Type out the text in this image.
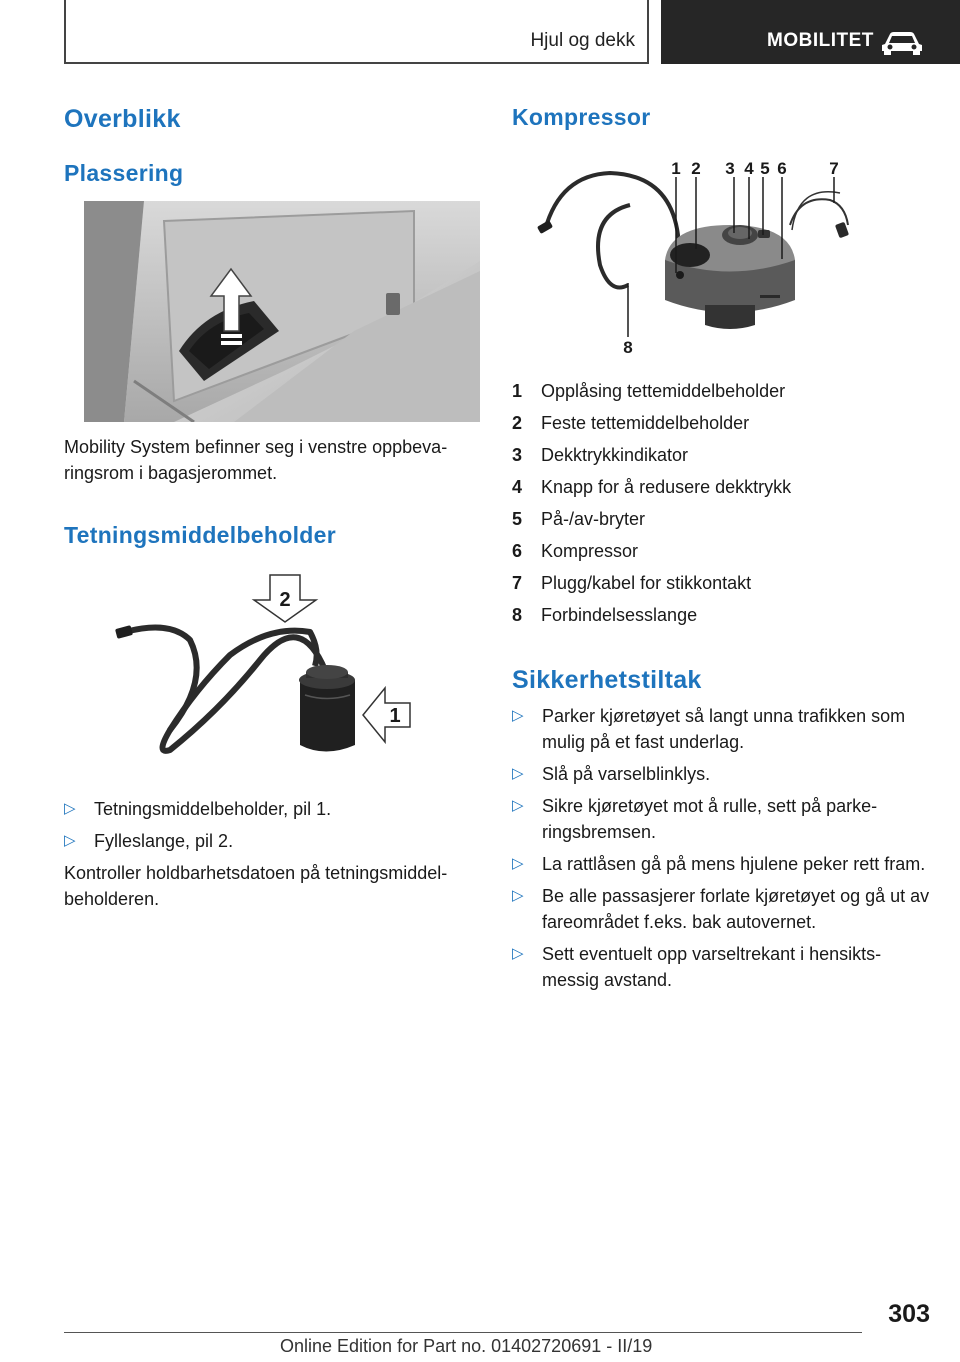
Hjul og dekk	MOBILITET
Overblikk
Plassering
Mobility System befinner seg i venstre oppbeva-ringsrom i bagasjerommet.
Tetningsmiddelbeholder
2
1
▷ Tetningsmiddelbeholder, pil 1.
▷ Fylleslange, pil 2.
Kontroller holdbarhetsdatoen på tetningsmiddel-beholderen.
Kompressor
1 2 3 4 5 6	7
8
1 Opplåsing tettemiddelbeholder
2 Feste tettemiddelbeholder
3 Dekktrykkindikator
4 Knapp for å redusere dekktrykk
5 På-/av-bryter
6 Kompressor
7 Plugg/kabel for stikkontakt
8 Forbindelsesslange
Sikkerhetstiltak
▷ Parker kjøretøyet så langt unna trafikken som mulig på et fast underlag.
▷ Slå på varselblinklys.
▷ Sikre kjøretøyet mot å rulle, sett på parke-ringsbremsen.
▷ La rattlåsen gå på mens hjulene peker rett fram.
▷ Be alle passasjerer forlate kjøretøyet og gå ut av fareområdet f.eks. bak autovernet.
▷ Sett eventuelt opp varseltrekant i hensikts-messig avstand.
303
Online Edition for Part no. 01402720691 - II/19
